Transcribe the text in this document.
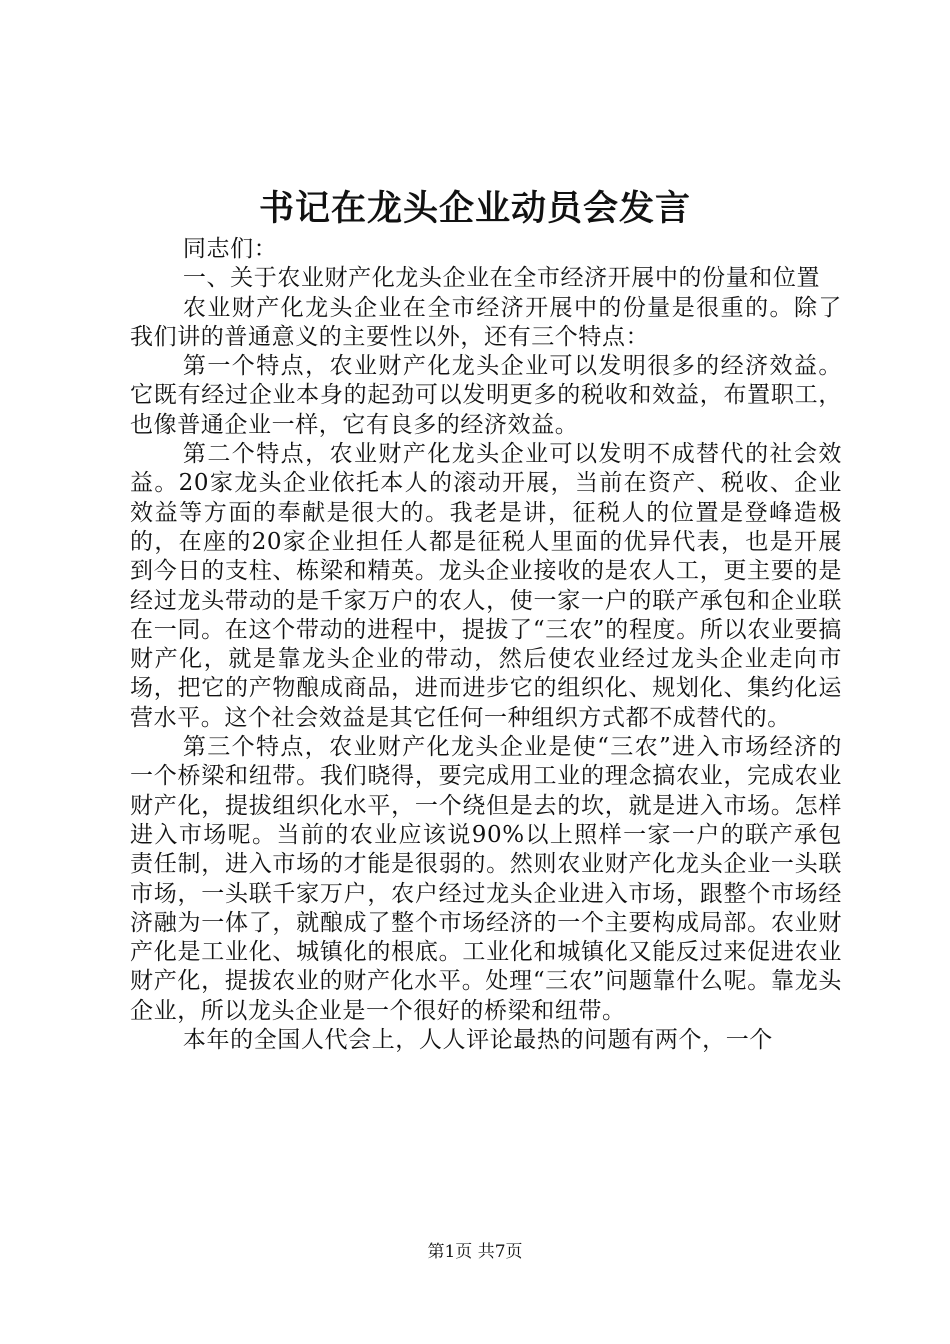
书记在龙头企业动员会发言

同志们：

一、关于农业财产化龙头企业在全市经济开展中的份量和位置

农业财产化龙头企业在全市经济开展中的份量是很重的。除了我们讲的普通意义的主要性以外，还有三个特点：

第一个特点，农业财产化龙头企业可以发明很多的经济效益。它既有经过企业本身的起劲可以发明更多的税收和效益，布置职工，也像普通企业一样，它有良多的经济效益。

第二个特点，农业财产化龙头企业可以发明不成替代的社会效益。20家龙头企业依托本人的滚动开展，当前在资产、税收、企业效益等方面的奉献是很大的。我老是讲，征税人的位置是登峰造极的，在座的20家企业担任人都是征税人里面的优异代表，也是开展到今日的支柱、栋梁和精英。龙头企业接收的是农人工，更主要的是经过龙头带动的是千家万户的农人，使一家一户的联产承包和企业联在一同。在这个带动的进程中，提拔了“三农”的程度。所以农业要搞财产化，就是靠龙头企业的带动，然后使农业经过龙头企业走向市场，把它的产物酿成商品，进而进步它的组织化、规划化、集约化运营水平。这个社会效益是其它任何一种组织方式都不成替代的。

第三个特点，农业财产化龙头企业是使“三农”进入市场经济的一个桥梁和纽带。我们晓得，要完成用工业的理念搞农业，完成农业财产化，提拔组织化水平，一个绕但是去的坎，就是进入市场。怎样进入市场呢。当前的农业应该说90%以上照样一家一户的联产承包责任制，进入市场的才能是很弱的。然则农业财产化龙头企业一头联市场，一头联千家万户，农户经过龙头企业进入市场，跟整个市场经济融为一体了，就酿成了整个市场经济的一个主要构成局部。农业财产化是工业化、城镇化的根底。工业化和城镇化又能反过来促进农业财产化，提拔农业的财产化水平。处理“三农”问题靠什么呢。靠龙头企业，所以龙头企业是一个很好的桥梁和纽带。

本年的全国人代会上，人人评论最热的问题有两个，一个

第1页 共7页
